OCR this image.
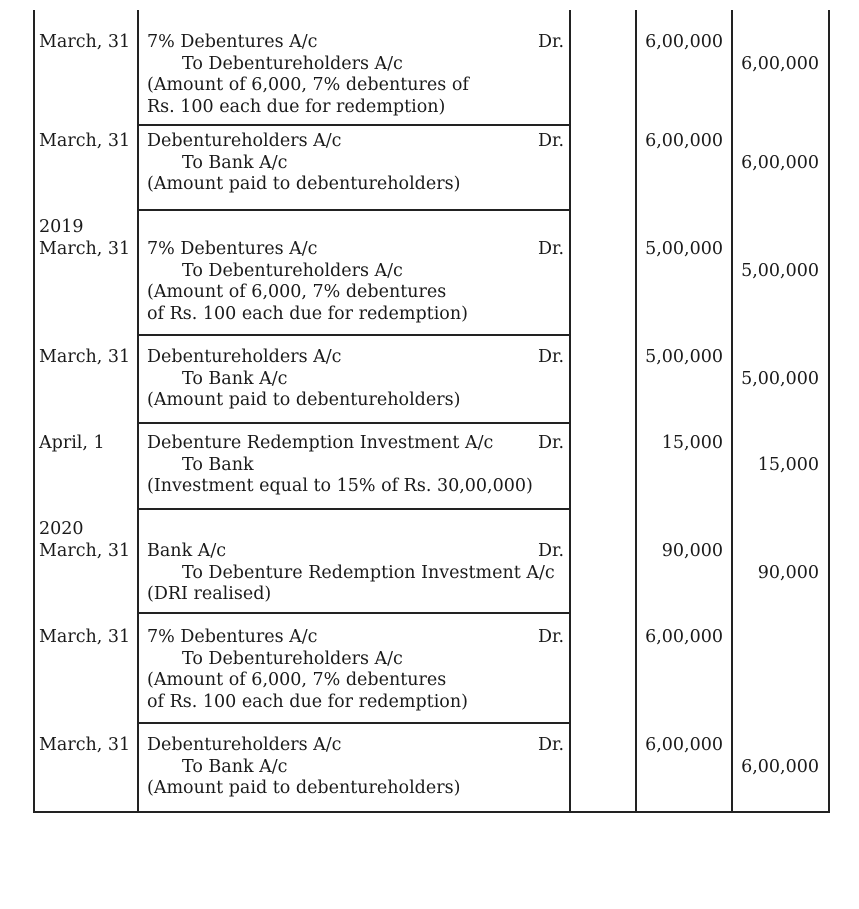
March, 31 7% Debentures A/c	Dr.	6,00,000
To Debentureholders A/c	6,00,000
(Amount of 6,000, 7% debentures of
Rs. 100 each due for redemption)
March, 31 Debentureholders A/c	Dr.	6,00,000
To Bank A/c	6,00,000
(Amount paid to debentureholders)
2019
March, 31 7% Debentures A/c	Dr.	5,00,000
To Debentureholders A/c	5,00,000
(Amount of 6,000, 7% debentures
of Rs. 100 each due for redemption)
March, 31 Debentureholders A/c	Dr.	5,00,000
To Bank A/c	5,00,000
(Amount paid to debentureholders)
April, 1 Debenture Redemption Investment A/c	Dr.	15,000
To Bank	15,000
(Investment equal to 15% of Rs. 30,00,000)
2020
March, 31 Bank A/c	Dr.	90,000
To Debenture Redemption Investment A/c	90,000
(DRI realised)
March, 31 7% Debentures A/c	Dr.	6,00,000
To Debentureholders A/c
(Amount of 6,000, 7% debentures
of Rs. 100 each due for redemption)
March, 31 Debentureholders A/c	Dr.	6,00,000
To Bank A/c	6,00,000
(Amount paid to debentureholders)
